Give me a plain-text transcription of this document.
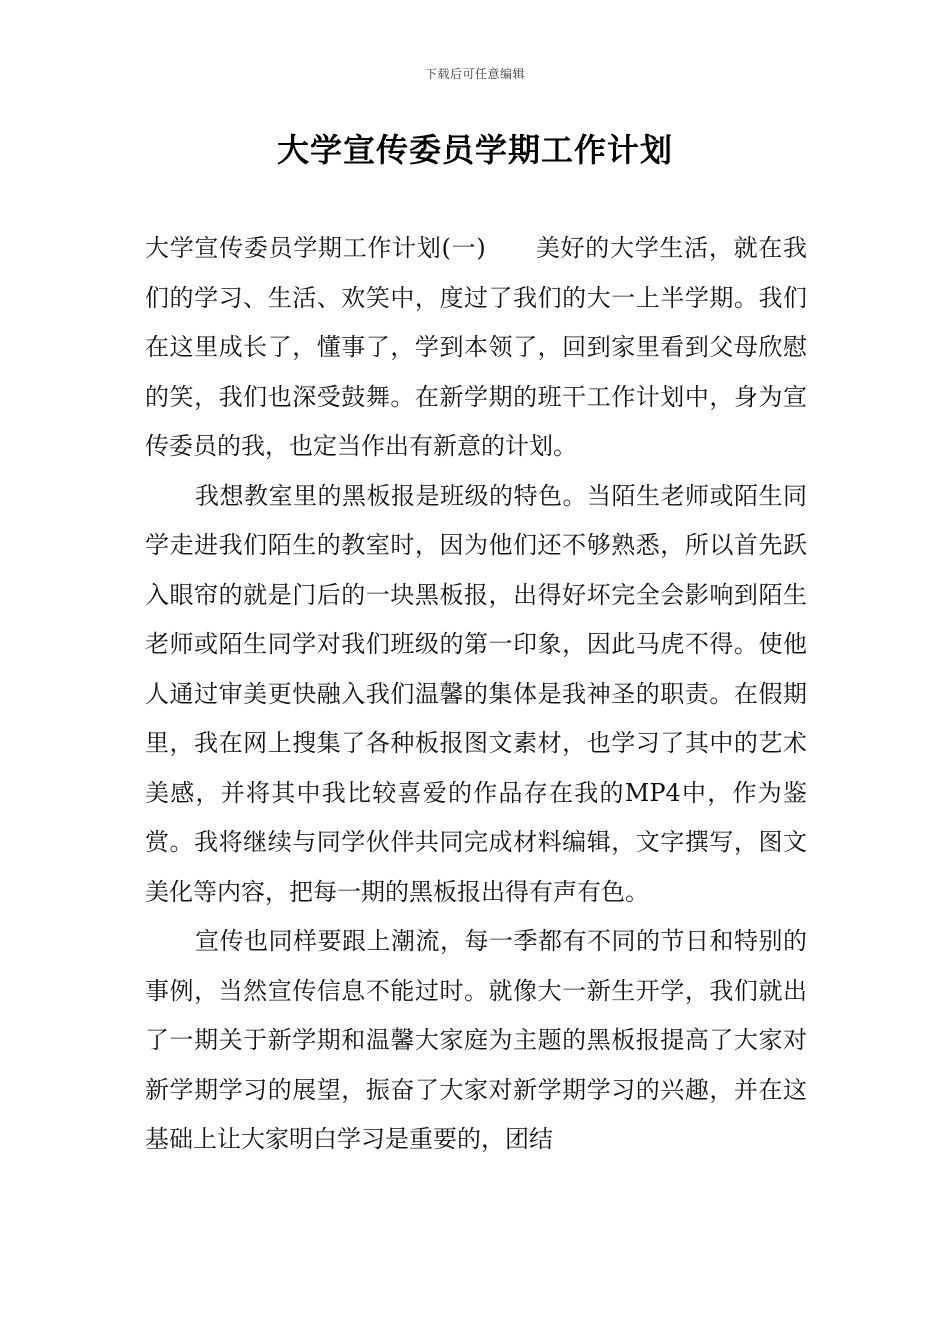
下载后可任意编辑
大学宣传委员学期工作计划

大学宣传委员学期工作计划(一)　　美好的大学生活，就在我们的学习、生活、欢笑中，度过了我们的大一上半学期。我们在这里成长了，懂事了，学到本领了，回到家里看到父母欣慰的笑，我们也深受鼓舞。在新学期的班干工作计划中，身为宣传委员的我，也定当作出有新意的计划。

我想教室里的黑板报是班级的特色。当陌生老师或陌生同学走进我们陌生的教室时，因为他们还不够熟悉，所以首先跃入眼帘的就是门后的一块黑板报，出得好坏完全会影响到陌生老师或陌生同学对我们班级的第一印象，因此马虎不得。使他人通过审美更快融入我们温馨的集体是我神圣的职责。在假期里，我在网上搜集了各种板报图文素材，也学习了其中的艺术美感，并将其中我比较喜爱的作品存在我的MP4中，作为鉴赏。我将继续与同学伙伴共同完成材料编辑，文字撰写，图文美化等内容，把每一期的黑板报出得有声有色。

宣传也同样要跟上潮流，每一季都有不同的节日和特别的事例，当然宣传信息不能过时。就像大一新生开学，我们就出了一期关于新学期和温馨大家庭为主题的黑板报提高了大家对新学期学习的展望，振奋了大家对新学期学习的兴趣，并在这基础上让大家明白学习是重要的，团结
